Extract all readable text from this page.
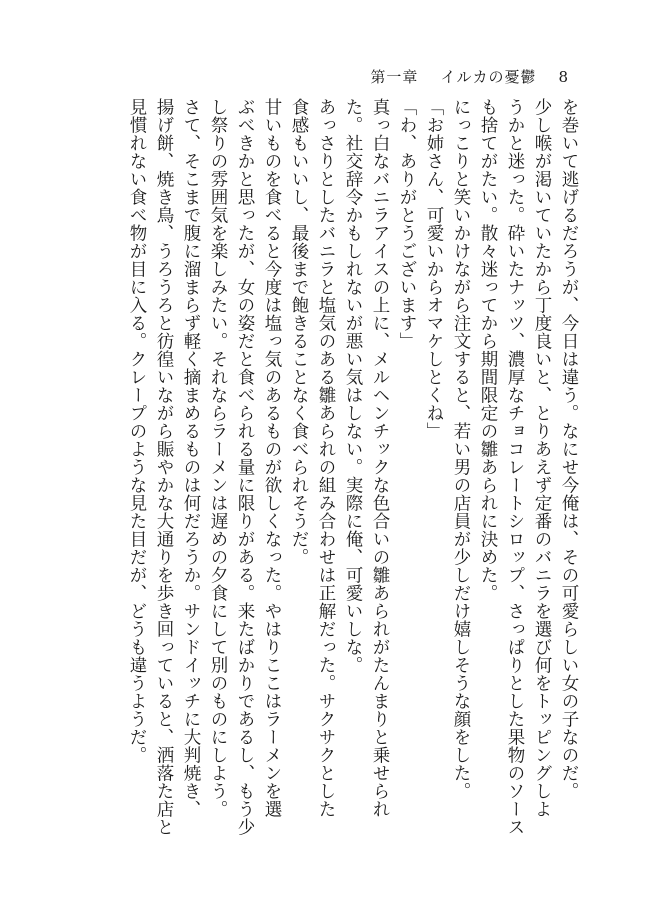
第一章 イルカの憂鬱 8

を巻いて逃げるだろうが、今日は違う。なにせ今俺は、その可愛らしい女の子なのだ。

少し喉が渇いていたから丁度良いと、とりあえず定番のバニラを選び何をトッピングしよ

うかと迷った。砕いたナッツ、濃厚なチョコレートシロップ、さっぱりとした果物のソース

も捨てがたい。散々迷ってから期間限定の雛あられに決めた。

にっこりと笑いかけながら注文すると、若い男の店員が少しだけ嬉しそうな顔をした。

「お姉さん、可愛いからオマケしとくね」

「わ、ありがとうございます」

真っ白なバニラアイスの上に、メルヘンチックな色合いの雛あられがたんまりと乗せられ

た。社交辞令かもしれないが悪い気はしない。実際に俺、可愛いしな。

あっさりとしたバニラと塩気のある雛あられの組み合わせは正解だった。サクサクとした

食感もいいし、最後まで飽きることなく食べられそうだ。

甘いものを食べると今度は塩っ気のあるものが欲しくなった。やはりここはラーメンを選

ぶべきかと思ったが、女の姿だと食べられる量に限りがある。来たばかりであるし、もう少

し祭りの雰囲気を楽しみたい。それならラーメンは遅めの夕食にして別のものにしよう。

さて、そこまで腹に溜まらず軽く摘まめるものは何だろうか。サンドイッチに大判焼き、

揚げ餅、焼き鳥、うろうろと彷徨いながら賑やかな大通りを歩き回っていると、洒落た店と

見慣れない食べ物が目に入る。クレープのような見た目だが、どうも違うようだ。
